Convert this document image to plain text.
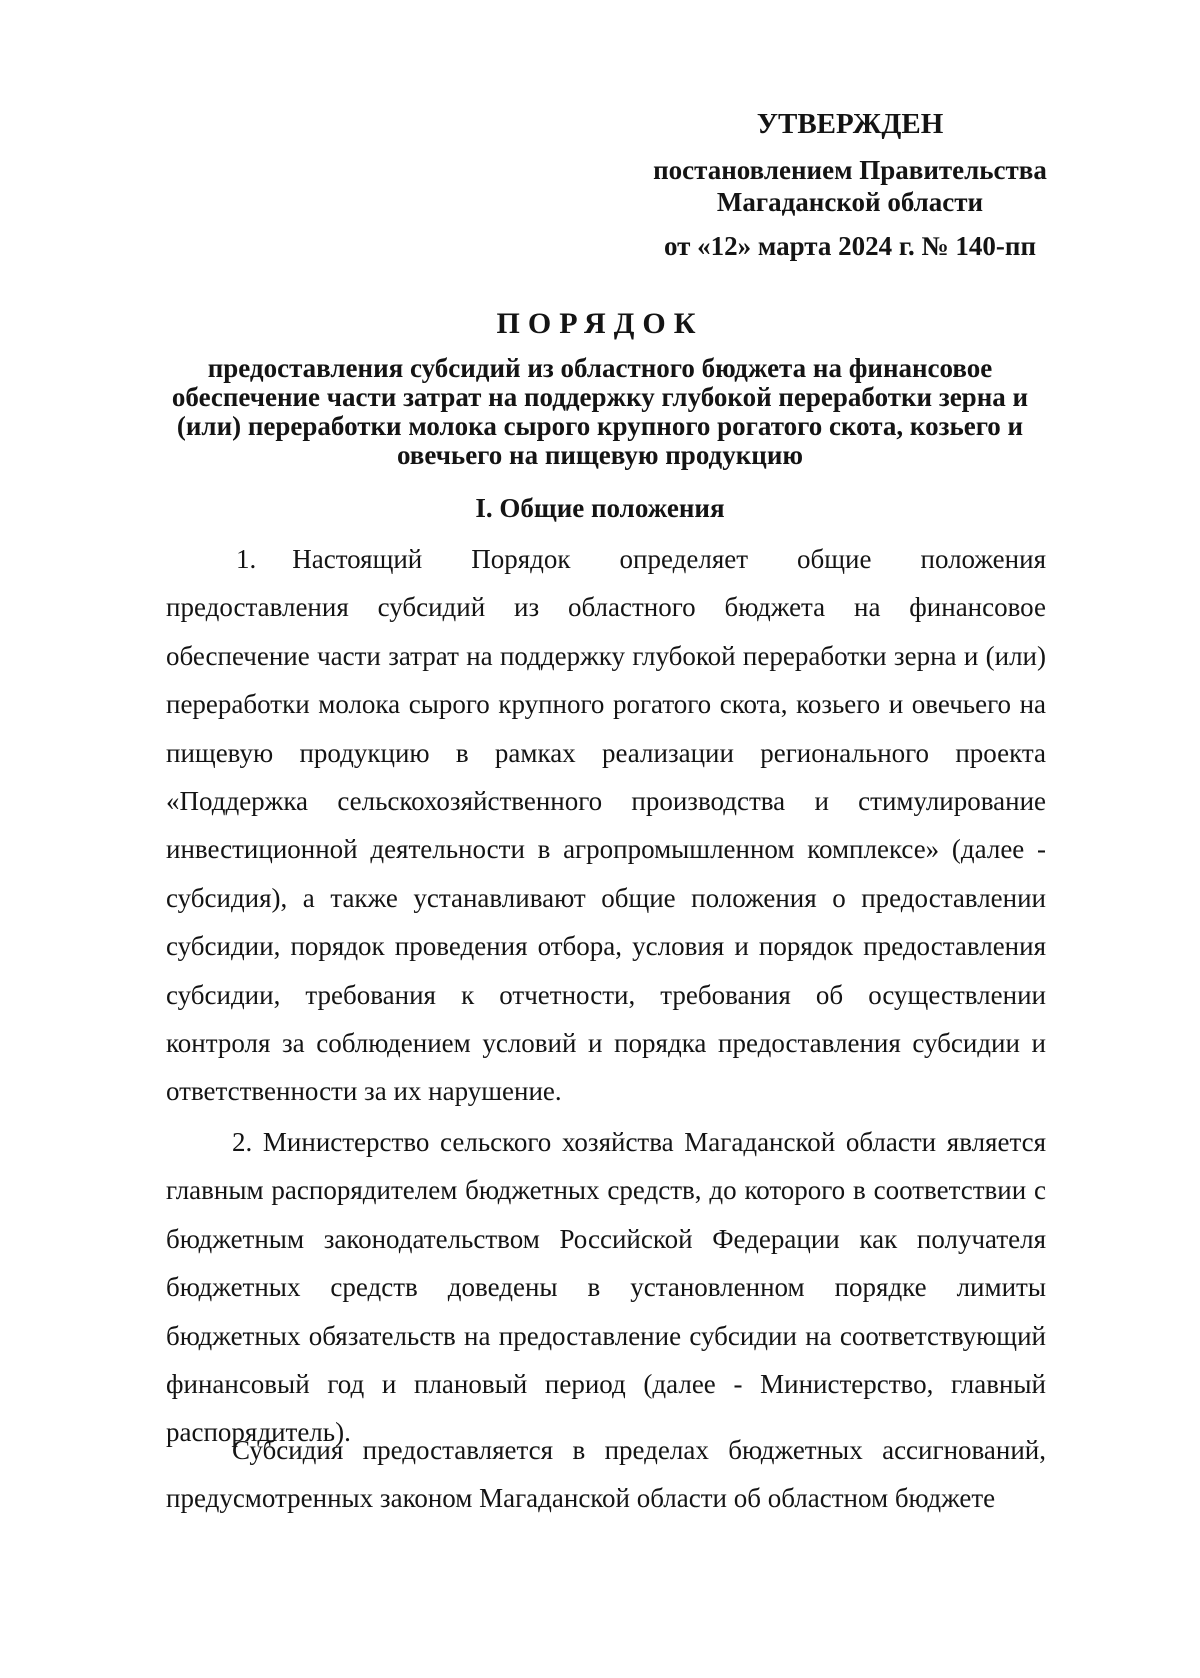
УТВЕРЖДЕН
постановлением Правительства
Магаданской области
от «12» марта 2024 г. № 140-пп
ПОРЯДОК
предоставления субсидий из областного бюджета на финансовое обеспечение части затрат на поддержку глубокой переработки зерна и (или) переработки молока сырого крупного рогатого скота, козьего и овечьего на пищевую продукцию
I. Общие положения
1. Настоящий Порядок определяет общие положения предоставления субсидий из областного бюджета на финансовое обеспечение части затрат на поддержку глубокой переработки зерна и (или) переработки молока сырого крупного рогатого скота, козьего и овечьего на пищевую продукцию в рамках реализации регионального проекта «Поддержка сельскохозяйственного производства и стимулирование инвестиционной деятельности в агропромышленном комплексе» (далее - субсидия), а также устанавливают общие положения о предоставлении субсидии, порядок проведения отбора, условия и порядок предоставления субсидии, требования к отчетности, требования об осуществлении контроля за соблюдением условий и порядка предоставления субсидии и ответственности за их нарушение.
2. Министерство сельского хозяйства Магаданской области является главным распорядителем бюджетных средств, до которого в соответствии с бюджетным законодательством Российской Федерации как получателя бюджетных средств доведены в установленном порядке лимиты бюджетных обязательств на предоставление субсидии на соответствующий финансовый год и плановый период (далее - Министерство, главный распорядитель).
Субсидия предоставляется в пределах бюджетных ассигнований, предусмотренных законом Магаданской области об областном бюджете
